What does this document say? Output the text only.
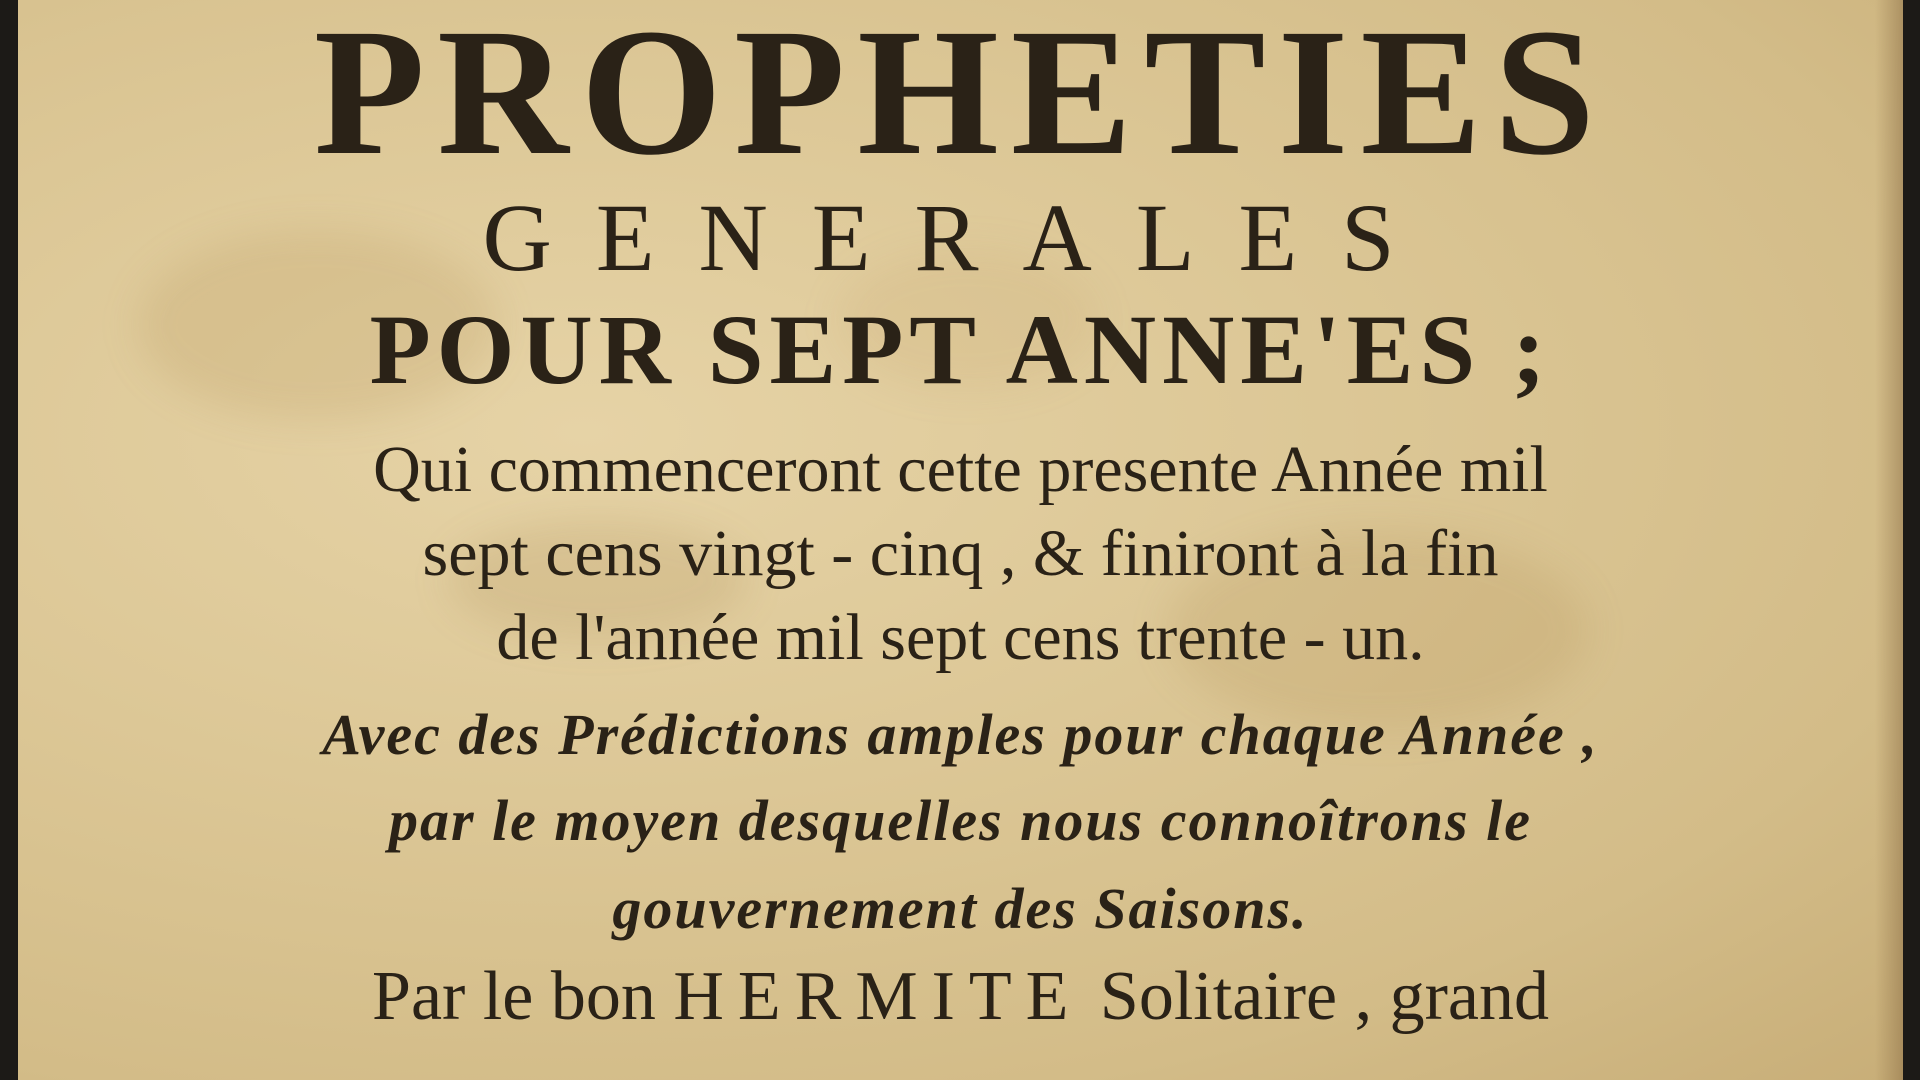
PROPHETIES
GENERALES
POUR SEPT ANNE'ES ;
Qui commenceront cette presente Année mil
sept cens vingt - cinq , & finiront à la fin
de l'année mil sept cens trente - un.
Avec des Prédictions amples pour chaque Année ,
par le moyen desquelles nous connoîtrons le
gouvernement des Saisons.
Par le bon HERMITE Solitaire , grand
